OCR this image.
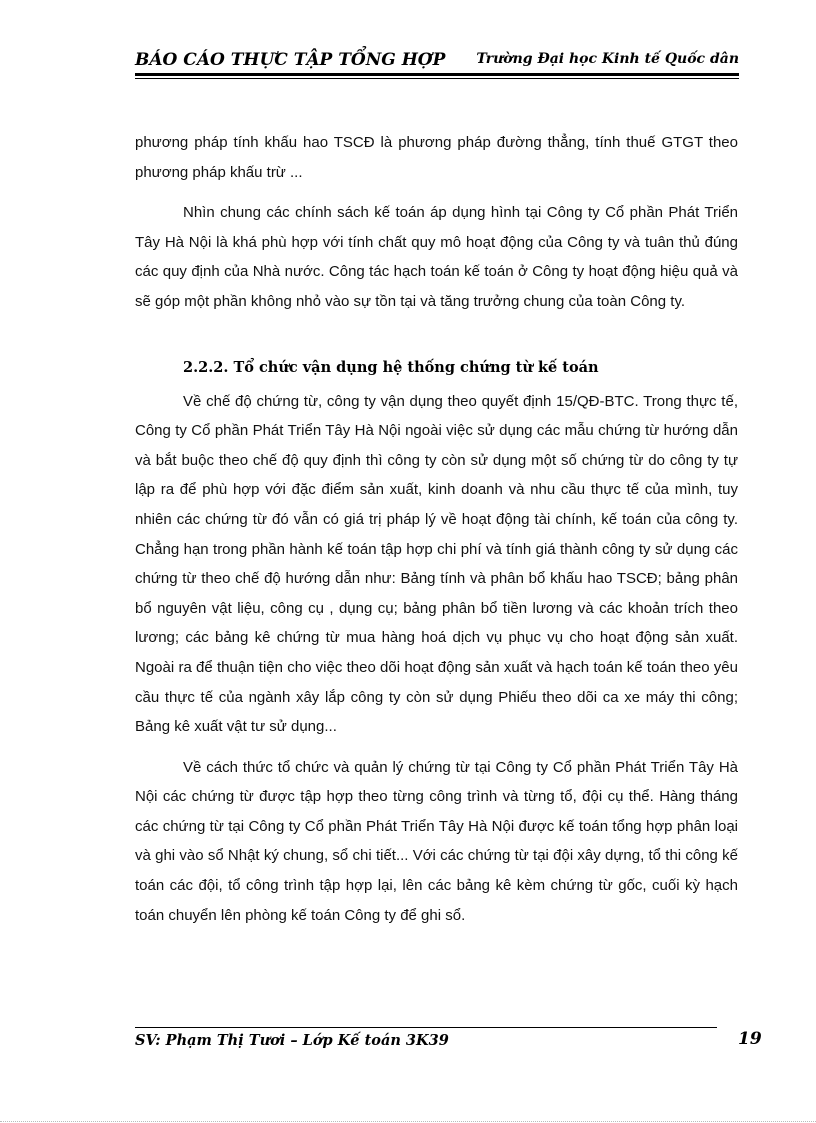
BÁO CÁO THỰC TẬP TỔNG HỢP Trường Đại học Kinh tế Quốc dân

phương pháp tính khấu hao TSCĐ là phương pháp đường thẳng, tính thuế GTGT theo phương pháp khấu trừ ...

Nhìn chung các chính sách kế toán áp dụng hình tại Công ty Cổ phần Phát Triển Tây Hà Nội là khá phù hợp với tính chất quy mô hoạt động của Công ty và tuân thủ đúng các quy định của Nhà nước. Công tác hạch toán kế toán ở Công ty hoạt động hiệu quả và sẽ góp một phần không nhỏ vào sự tồn tại và tăng trưởng chung của toàn Công ty.

2.2.2. Tổ chức vận dụng hệ thống chứng từ kế toán

Về chế độ chứng từ, công ty vận dụng theo quyết định 15/QĐ-BTC. Trong thực tế, Công ty Cổ phần Phát Triển Tây Hà Nội ngoài việc sử dụng các mẫu chứng từ hướng dẫn và bắt buộc theo chế độ quy định thì công ty còn sử dụng một số chứng từ do công ty tự lập ra để phù hợp với đặc điểm sản xuất, kinh doanh và nhu cầu thực tế của mình, tuy nhiên các chứng từ đó vẫn có giá trị pháp lý về hoạt động tài chính, kế toán của công ty. Chẳng hạn trong phần hành kế toán tập hợp chi phí và tính giá thành công ty sử dụng các chứng từ theo chế độ hướng dẫn như: Bảng tính và phân bổ khấu hao TSCĐ; bảng phân bổ nguyên vật liệu, công cụ , dụng cụ; bảng phân bổ tiền lương và các khoản trích theo lương; các bảng kê chứng từ mua hàng hoá dịch vụ phục vụ cho hoạt động sản xuất. Ngoài ra để thuận tiện cho việc theo dõi hoạt động sản xuất và hạch toán kế toán theo yêu cầu thực tế của ngành xây lắp công ty còn sử dụng Phiếu theo dõi ca xe máy thi công; Bảng kê xuất vật tư sử dụng...

Về cách thức tổ chức và quản lý chứng từ tại Công ty Cổ phần Phát Triển Tây Hà Nội các chứng từ được tập hợp theo từng công trình và từng tổ, đội cụ thể. Hàng tháng các chứng từ tại Công ty Cổ phần Phát Triển Tây Hà Nội được kế toán tổng hợp phân loại và ghi vào sổ Nhật ký chung, sổ chi tiết... Với các chứng từ tại đội xây dựng, tổ thi công kế toán các đội, tổ công trình tập hợp lại, lên các bảng kê kèm chứng từ gốc, cuối kỳ hạch toán chuyển lên phòng kế toán Công ty để ghi sổ.

SV: Phạm Thị Tươi – Lớp Kế toán 3K39	19
